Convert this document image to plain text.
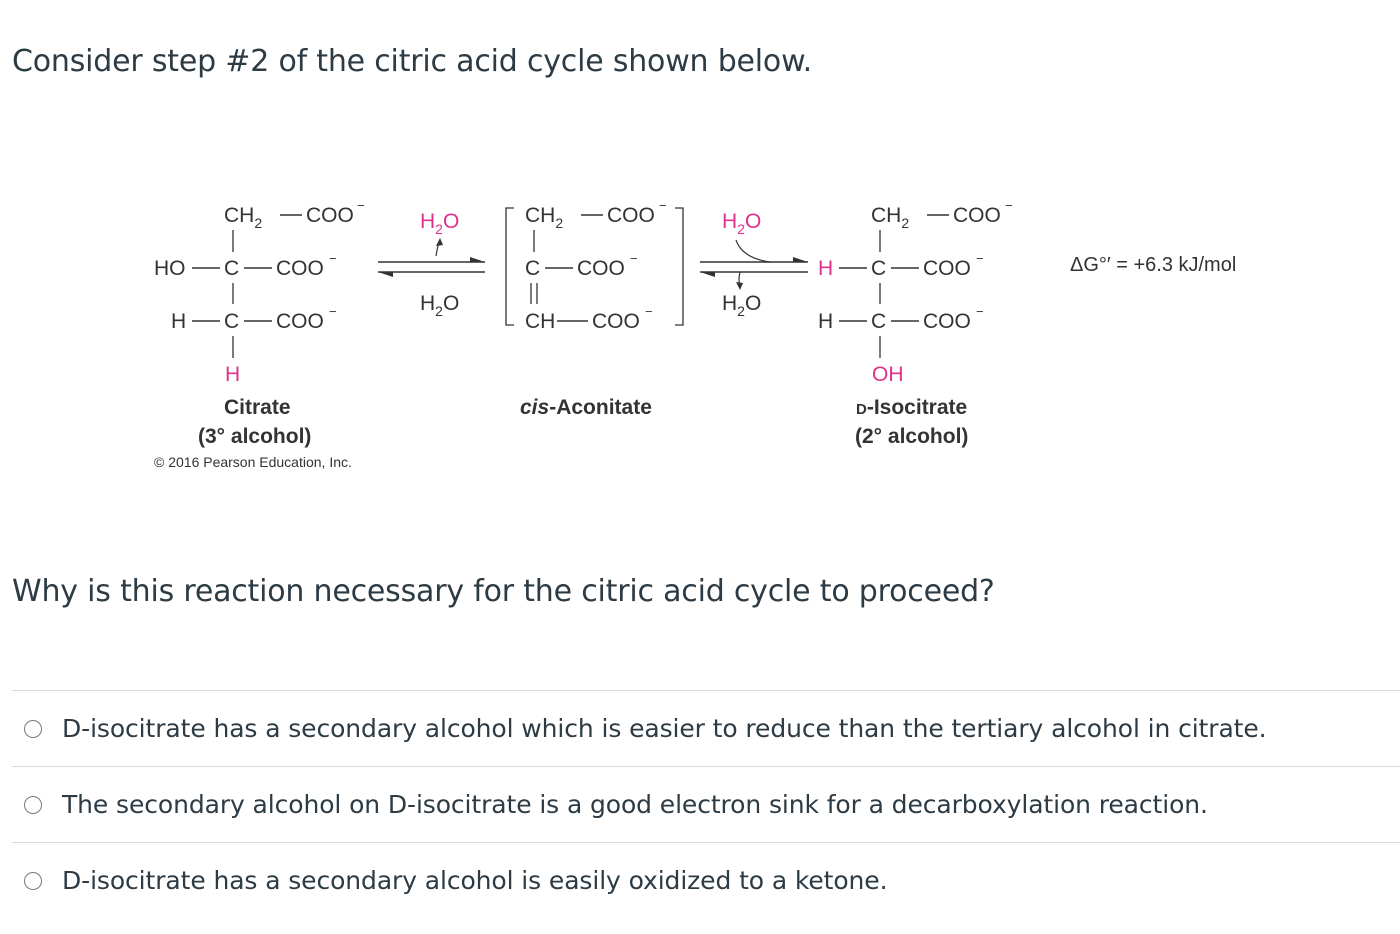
Consider step #2 of the citric acid cycle shown below.
$CH_2$ COO −
HO C COO −
H C COO −
H
Citrate
(3° alcohol)
© 2016 Pearson Education, Inc.
$H_2O$
$H_2O$
$CH_2$ COO −
C COO −
CH COO −
cis-Aconitate
$H_2O$
$H_2O$
$CH_2$ COO −
H C COO −
H C COO −
OH
D-Isocitrate
(2° alcohol)
ΔG°′ = +6.3 kJ/mol
Why is this reaction necessary for the citric acid cycle to proceed?
D-isocitrate has a secondary alcohol which is easier to reduce than the tertiary alcohol in citrate.
The secondary alcohol on D-isocitrate is a good electron sink for a decarboxylation reaction.
D-isocitrate has a secondary alcohol is easily oxidized to a ketone.
